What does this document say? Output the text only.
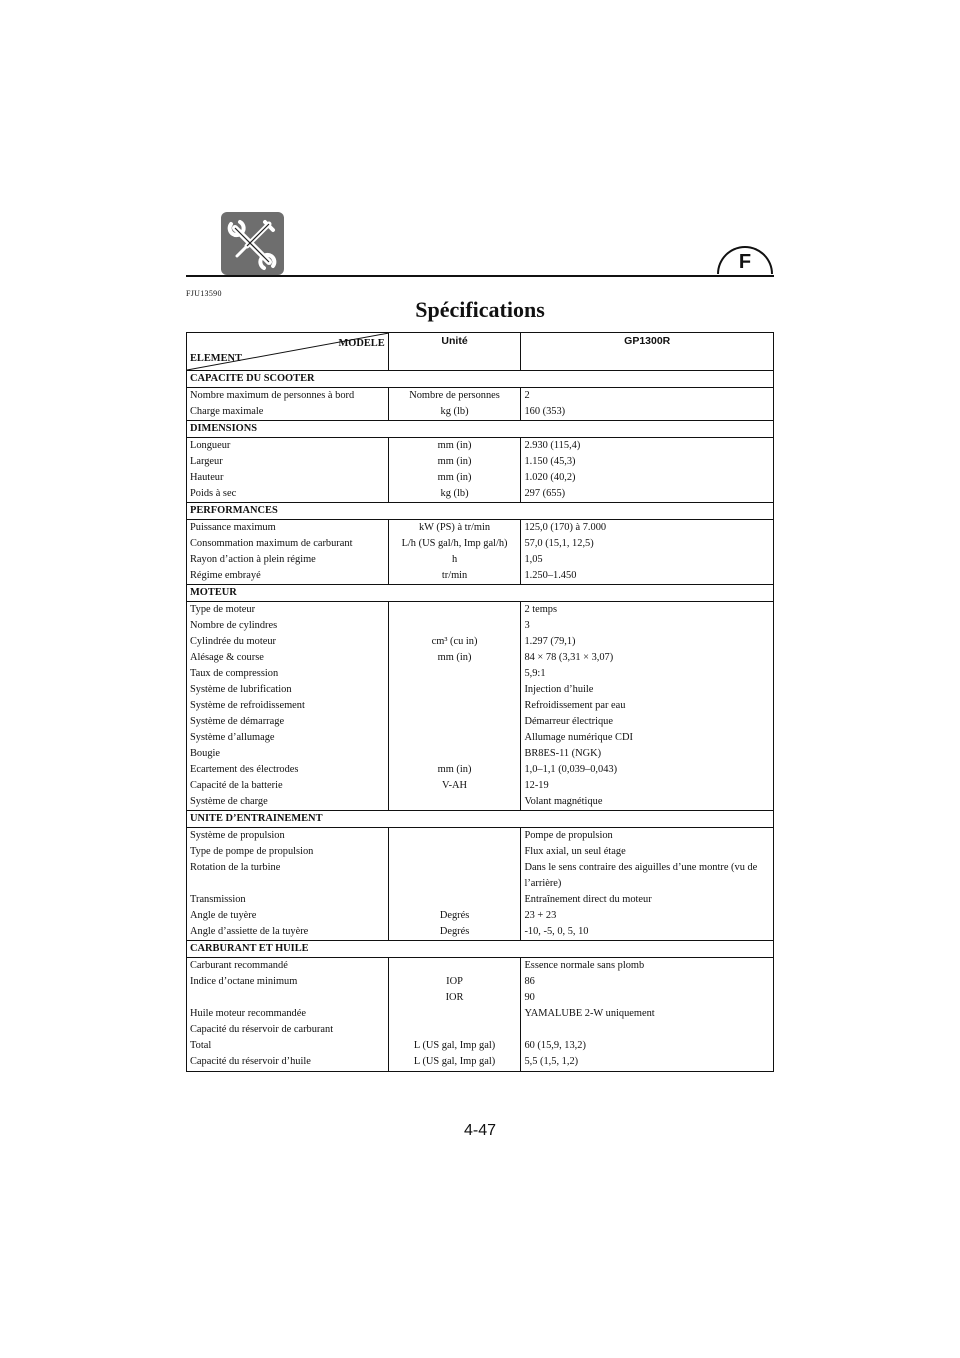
F
FJU13590
Spécifications
MODELE
ELEMENT	Unité	GP1300R
CAPACITE DU SCOOTER		
Nombre maximum de personnes à bord	Nombre de personnes	2
Charge maximale	kg (lb)	160 (353)
DIMENSIONS		
Longueur	mm (in)	2.930 (115,4)
Largeur	mm (in)	1.150 (45,3)
Hauteur	mm (in)	1.020 (40,2)
Poids à sec	kg (lb)	297 (655)
PERFORMANCES		
Puissance maximum	kW (PS) à tr/min	125,0 (170) à 7.000
Consommation maximum de carburant	L/h (US gal/h, Imp gal/h)	57,0 (15,1, 12,5)
Rayon d’action à plein régime	h	1,05
Régime embrayé	tr/min	1.250–1.450
MOTEUR		
Type de moteur		2 temps
Nombre de cylindres		3
Cylindrée du moteur	cm³ (cu in)	1.297 (79,1)
Alésage & course	mm (in)	84 × 78 (3,31 × 3,07)
Taux de compression		5,9:1
Système de lubrification		Injection d’huile
Système de refroidissement		Refroidissement par eau
Système de démarrage		Démarreur électrique
Système d’allumage		Allumage numérique CDI
Bougie		BR8ES-11 (NGK)
Ecartement des électrodes	mm (in)	1,0–1,1 (0,039–0,043)
Capacité de la batterie	V-AH	12-19
Système de charge		Volant magnétique
UNITE D’ENTRAINEMENT		
Système de propulsion		Pompe de propulsion
Type de pompe de propulsion		Flux axial, un seul étage
Rotation de la turbine		Dans le sens contraire des aiguilles d’une montre (vu de l’arrière)
Transmission		Entraînement direct du moteur
Angle de tuyère	Degrés	23 + 23
Angle d’assiette de la tuyère	Degrés	-10, -5, 0, 5, 10
CARBURANT ET HUILE		
Carburant recommandé		Essence normale sans plomb
Indice d’octane minimum	IOP	86
	IOR	90
Huile moteur recommandée		YAMALUBE 2-W uniquement
Capacité du réservoir de carburant		
Total	L (US gal, Imp gal)	60 (15,9, 13,2)
Capacité du réservoir d’huile	L (US gal, Imp gal)	5,5 (1,5, 1,2)
4-47
